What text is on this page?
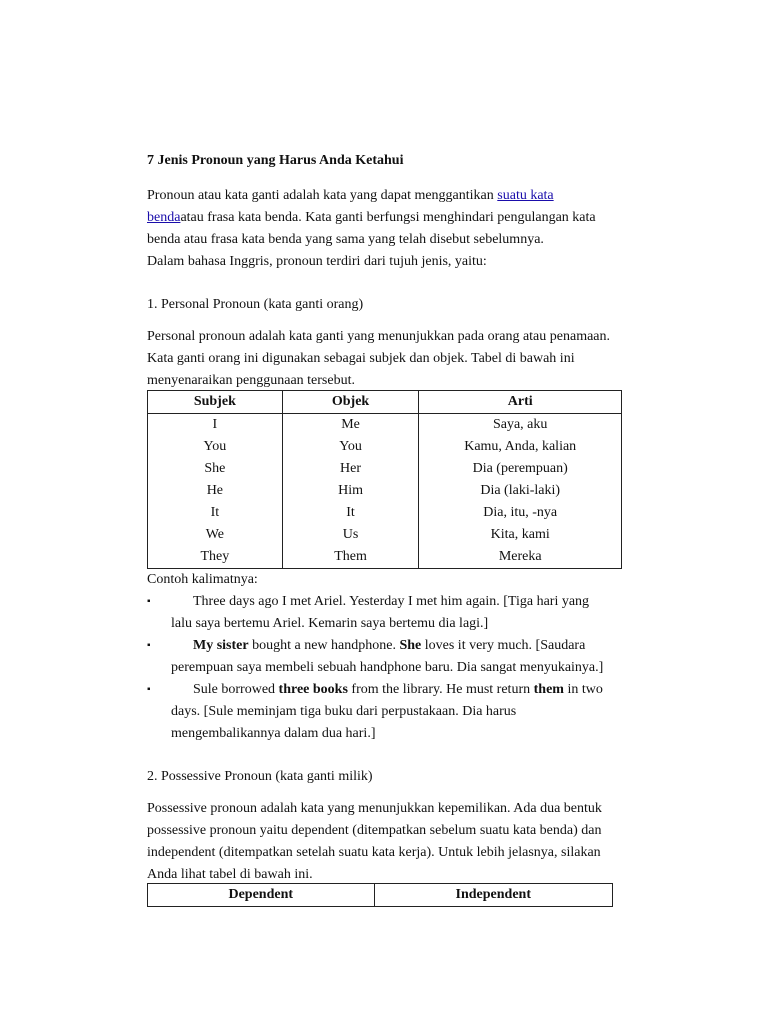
7 Jenis Pronoun yang Harus Anda Ketahui
Pronoun atau kata ganti adalah kata yang dapat menggantikan suatu kata
bendaatau frasa kata benda. Kata ganti berfungsi menghindari pengulangan kata
benda atau frasa kata benda yang sama yang telah disebut sebelumnya.
Dalam bahasa Inggris, pronoun terdiri dari tujuh jenis, yaitu:
1. Personal Pronoun (kata ganti orang)
Personal pronoun adalah kata ganti yang menunjukkan pada orang atau penamaan.
Kata ganti orang ini digunakan sebagai subjek dan objek. Tabel di bawah ini
menyenaraikan penggunaan tersebut.
Subjek	Objek	Arti
I	Me	Saya, aku
You	You	Kamu, Anda, kalian
She	Her	Dia (perempuan)
He	Him	Dia (laki-laki)
It	It	Dia, itu, -nya
We	Us	Kita, kami
They	Them	Mereka
Contoh kalimatnya:
▪	Three days ago I met Ariel. Yesterday I met him again. [Tiga hari yang
lalu saya bertemu Ariel. Kemarin saya bertemu dia lagi.]
▪	My sister bought a new handphone. She loves it very much. [Saudara
perempuan saya membeli sebuah handphone baru. Dia sangat menyukainya.]
▪	Sule borrowed three books from the library. He must return them in two
days. [Sule meminjam tiga buku dari perpustakaan. Dia harus
mengembalikannya dalam dua hari.]
2. Possessive Pronoun (kata ganti milik)
Possessive pronoun adalah kata yang menunjukkan kepemilikan. Ada dua bentuk
possessive pronoun yaitu dependent (ditempatkan sebelum suatu kata benda) dan
independent (ditempatkan setelah suatu kata kerja). Untuk lebih jelasnya, silakan
Anda lihat tabel di bawah ini.
Dependent	Independent
